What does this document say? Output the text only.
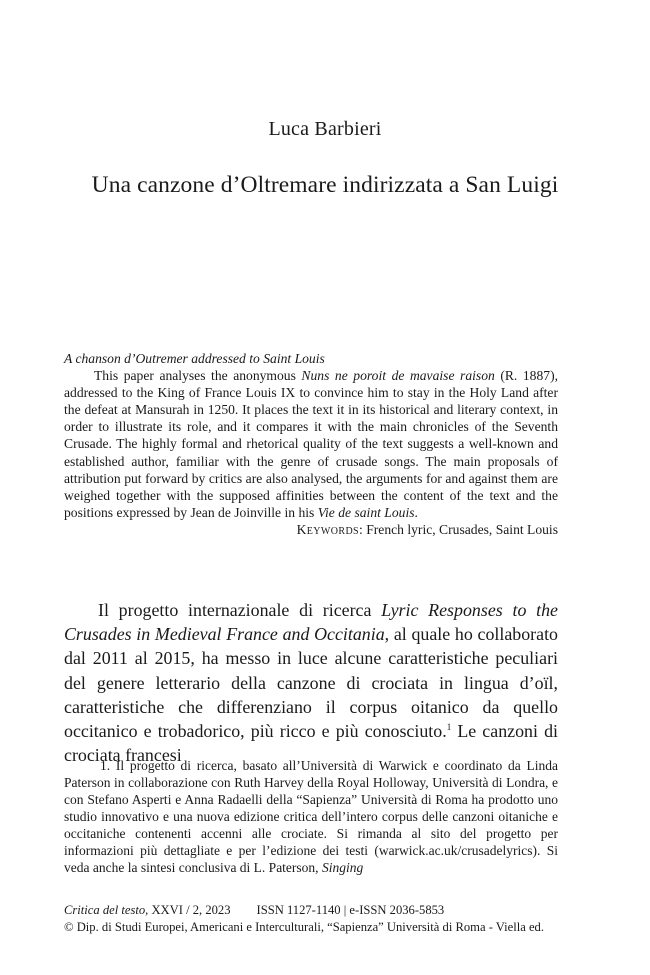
Luca Barbieri
Una canzone d’Oltremare indirizzata a San Luigi
A chanson d’Outremer addressed to Saint Louis

This paper analyses the anonymous Nuns ne poroit de mavaise raison (R. 1887), addressed to the King of France Louis IX to convince him to stay in the Holy Land after the defeat at Mansurah in 1250. It places the text it in its historical and literary context, in order to illustrate its role, and it compares it with the main chronicles of the Seventh Crusade. The highly formal and rhetorical quality of the text suggests a well-known and established author, familiar with the genre of crusade songs. The main proposals of attribution put forward by critics are also analysed, the arguments for and against them are weighed together with the supposed affinities between the content of the text and the positions expressed by Jean de Joinville in his Vie de saint Louis.

Keywords: French lyric, Crusades, Saint Louis

Il progetto internazionale di ricerca Lyric Responses to the Crusades in Medieval France and Occitania, al quale ho collaborato dal 2011 al 2015, ha messo in luce alcune caratteristiche peculiari del genere letterario della canzone di crociata in lingua d’oïl, caratteristiche che differenziano il corpus oitanico da quello occitanico e trobadorico, più ricco e più conosciuto.$^1$ Le canzoni di crociata francesi

1. Il progetto di ricerca, basato all’Università di Warwick e coordinato da Linda Paterson in collaborazione con Ruth Harvey della Royal Holloway, Università di Londra, e con Stefano Asperti e Anna Radaelli della “Sapienza” Università di Roma ha prodotto uno studio innovativo e una nuova edizione critica dell’intero corpus delle canzoni oitaniche e occitaniche contenenti accenni alle crociate. Si rimanda al sito del progetto per informazioni più dettagliate e per l’edizione dei testi (warwick.ac.uk/crusadelyrics). Si veda anche la sintesi conclusiva di L. Paterson, Singing

Critica del testo, XXVI / 2, 2023 ISSN 1127-1140 | e-ISSN 2036-5853
© Dip. di Studi Europei, Americani e Interculturali, “Sapienza” Università di Roma - Viella ed.
